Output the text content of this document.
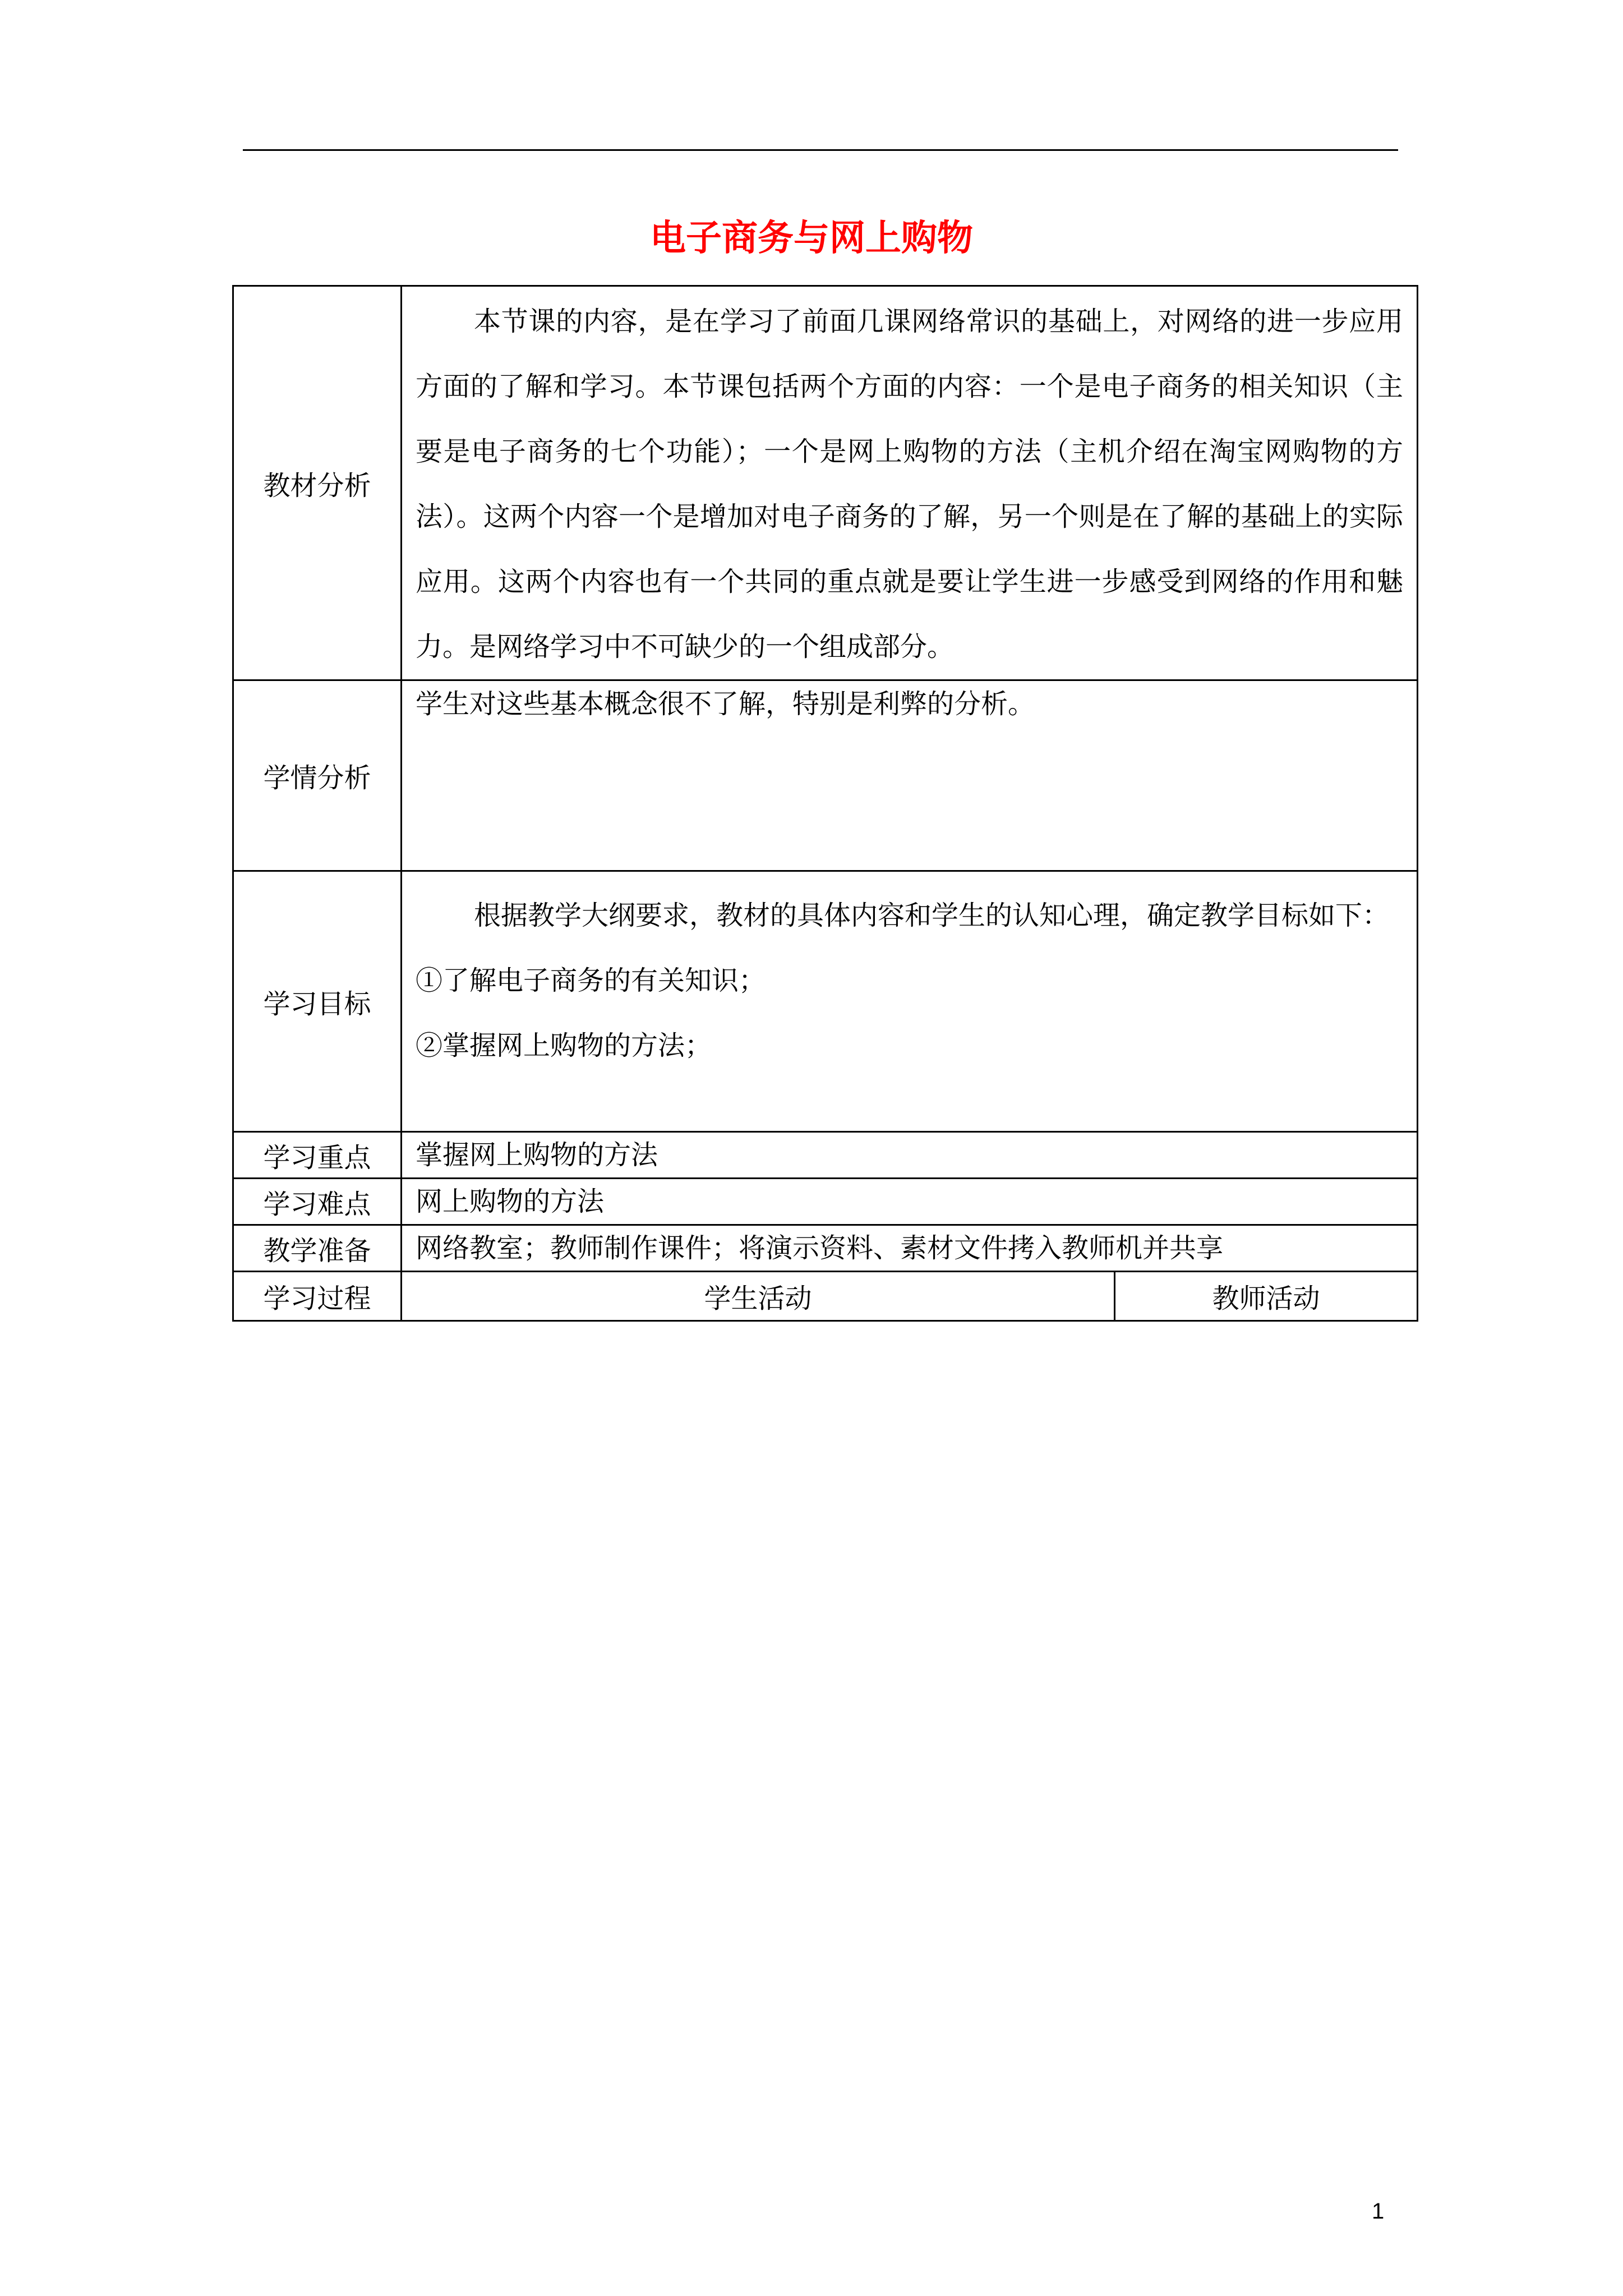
电子商务与网上购物
教材分析	本节课的内容，是在学习了前面几课网络常识的基础上，对网络的进一步应用方面的了解和学习。本节课包括两个方面的内容：一个是电子商务的相关知识（主要是电子商务的七个功能）；一个是网上购物的方法（主机介绍在淘宝网购物的方法）。这两个内容一个是增加对电子商务的了解，另一个则是在了解的基础上的实际应用。这两个内容也有一个共同的重点就是要让学生进一步感受到网络的作用和魅力。是网络学习中不可缺少的一个组成部分。	

学情分析	学生对这些基本概念很不了解，特别是利弊的分析。	

学习目标	根据教学大纲要求，教材的具体内容和学生的认知心理，确定教学目标如下：

①了解电子商务的有关知识；

②掌握网上购物的方法；	

学习重点	掌握网上购物的方法	
学习难点	网上购物的方法	
教学准备	网络教室；教师制作课件；将演示资料、素材文件拷入教师机并共享	
学习过程	学生活动	教师活动
1
